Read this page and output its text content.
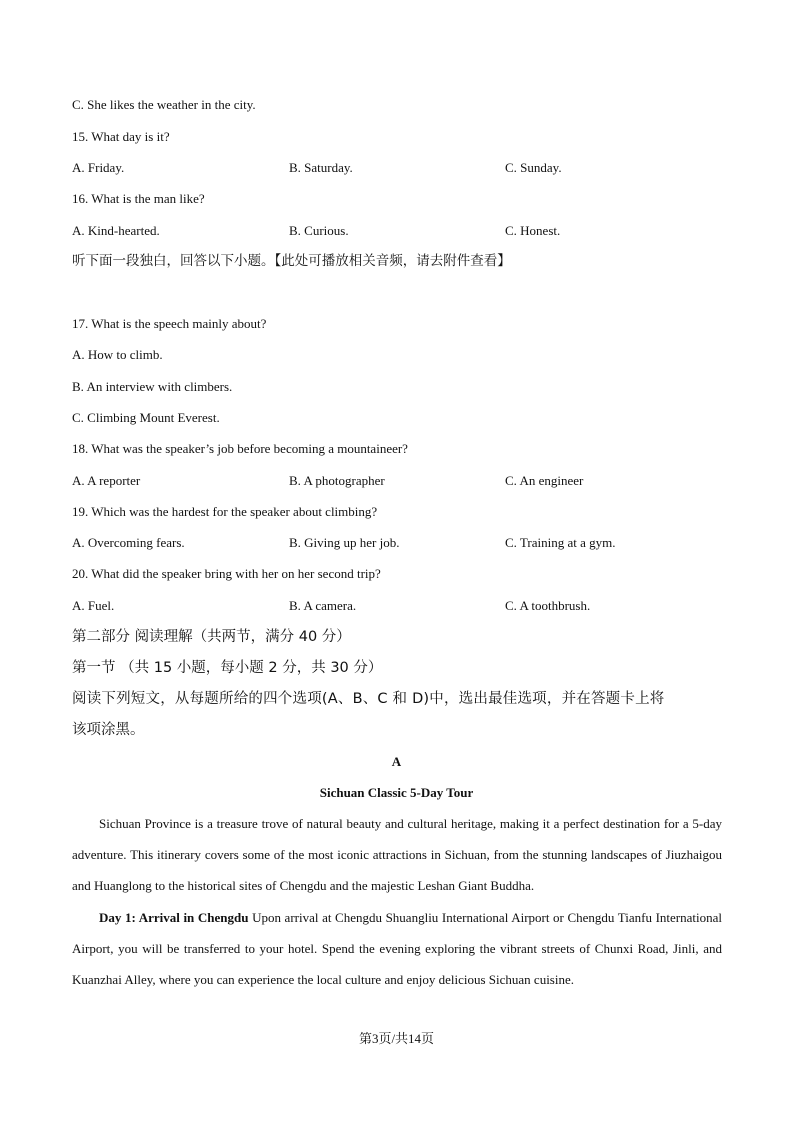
C. She likes the weather in the city.
15. What day is it?
A. Friday.	B. Saturday.	C. Sunday.
16. What is the man like?
A. Kind-hearted.	B. Curious.	C. Honest.
听下面一段独白，回答以下小题。【此处可播放相关音频，请去附件查看】
17. What is the speech mainly about?
A. How to climb.
B. An interview with climbers.
C. Climbing Mount Everest.
18. What was the speaker’s job before becoming a mountaineer?
A. A reporter	B. A photographer	C. An engineer
19. Which was the hardest for the speaker about climbing?
A. Overcoming fears.	B. Giving up her job.	C. Training at a gym.
20. What did the speaker bring with her on her second trip?
A. Fuel.	B. A camera.	C. A toothbrush.
第二部分 阅读理解（共两节，满分 40 分）
第一节 （共 15 小题，每小题 2 分，共 30 分）
阅读下列短文，从每题所给的四个选项(A、B、C 和 D)中，选出最佳选项，并在答题卡上将
该项涂黑。
A
Sichuan Classic 5-Day Tour

Sichuan Province is a treasure trove of natural beauty and cultural heritage, making it a perfect destination for a 5-day adventure. This itinerary covers some of the most iconic attractions in Sichuan, from the stunning landscapes of Jiuzhaigou and Huanglong to the historical sites of Chengdu and the majestic Leshan Giant Buddha.

Day 1: Arrival in Chengdu Upon arrival at Chengdu Shuangliu International Airport or Chengdu Tianfu International Airport, you will be transferred to your hotel. Spend the evening exploring the vibrant streets of Chunxi Road, Jinli, and Kuanzhai Alley, where you can experience the local culture and enjoy delicious Sichuan cuisine.

第3页/共14页
